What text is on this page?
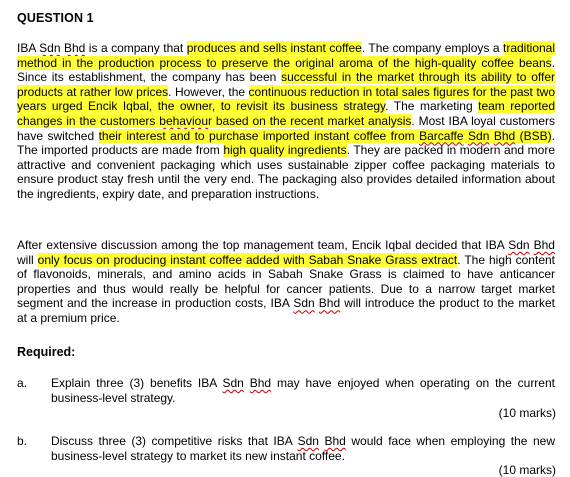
QUESTION 1
IBA Sdn Bhd is a company that produces and sells instant coffee. The company employs a traditional method in the production process to preserve the original aroma of the high-quality coffee beans. Since its establishment, the company has been successful in the market through its ability to offer products at rather low prices. However, the continuous reduction in total sales figures for the past two years urged Encik Iqbal, the owner, to revisit its business strategy. The marketing team reported changes in the customers behaviour based on the recent market analysis. Most IBA loyal customers have switched their interest and to purchase imported instant coffee from Barcaffe Sdn Bhd (BSB). The imported products are made from high quality ingredients. They are packed in modern and more attractive and convenient packaging which uses sustainable zipper coffee packaging materials to ensure product stay fresh until the very end. The packaging also provides detailed information about the ingredients, expiry date, and preparation instructions.
After extensive discussion among the top management team, Encik Iqbal decided that IBA Sdn Bhd will only focus on producing instant coffee added with Sabah Snake Grass extract. The high content of flavonoids, minerals, and amino acids in Sabah Snake Grass is claimed to have anticancer properties and thus would really be helpful for cancer patients. Due to a narrow target market segment and the increase in production costs, IBA Sdn Bhd will introduce the product to the market at a premium price.
Required:
a. Explain three (3) benefits IBA Sdn Bhd may have enjoyed when operating on the current business-level strategy.
(10 marks)
b. Discuss three (3) competitive risks that IBA Sdn Bhd would face when employing the new business-level strategy to market its new instant coffee.
(10 marks)
